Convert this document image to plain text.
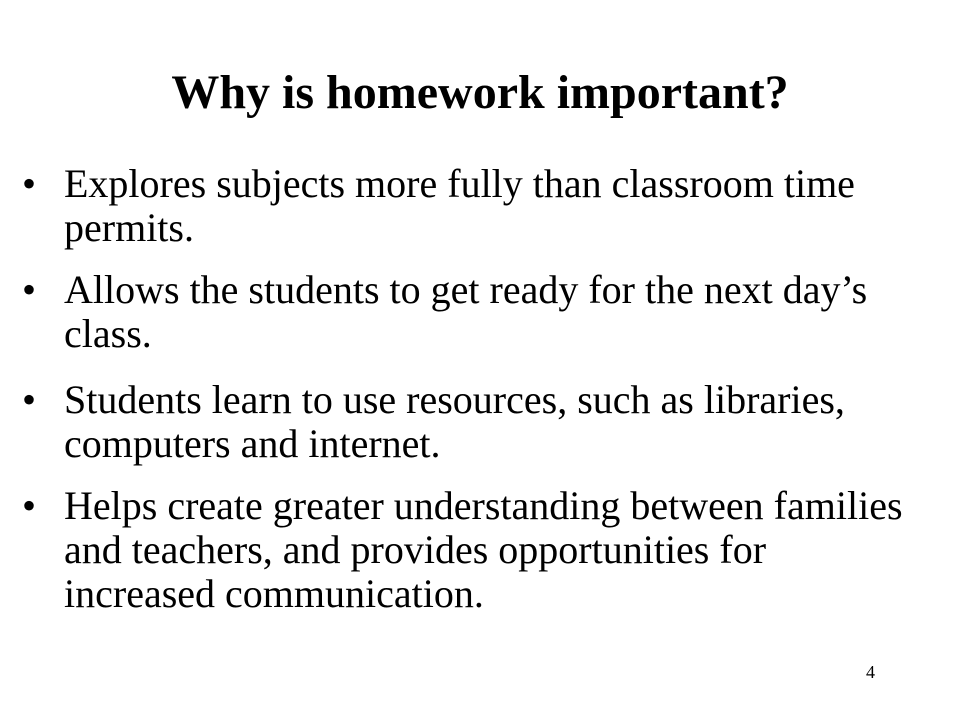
Why is homework important?
• Explores subjects more fully than classroom time permits.
• Allows the students to get ready for the next day’s class.
• Students learn to use resources, such as libraries, computers and internet.
• Helps create greater understanding between families and teachers, and provides opportunities for increased communication.
4
